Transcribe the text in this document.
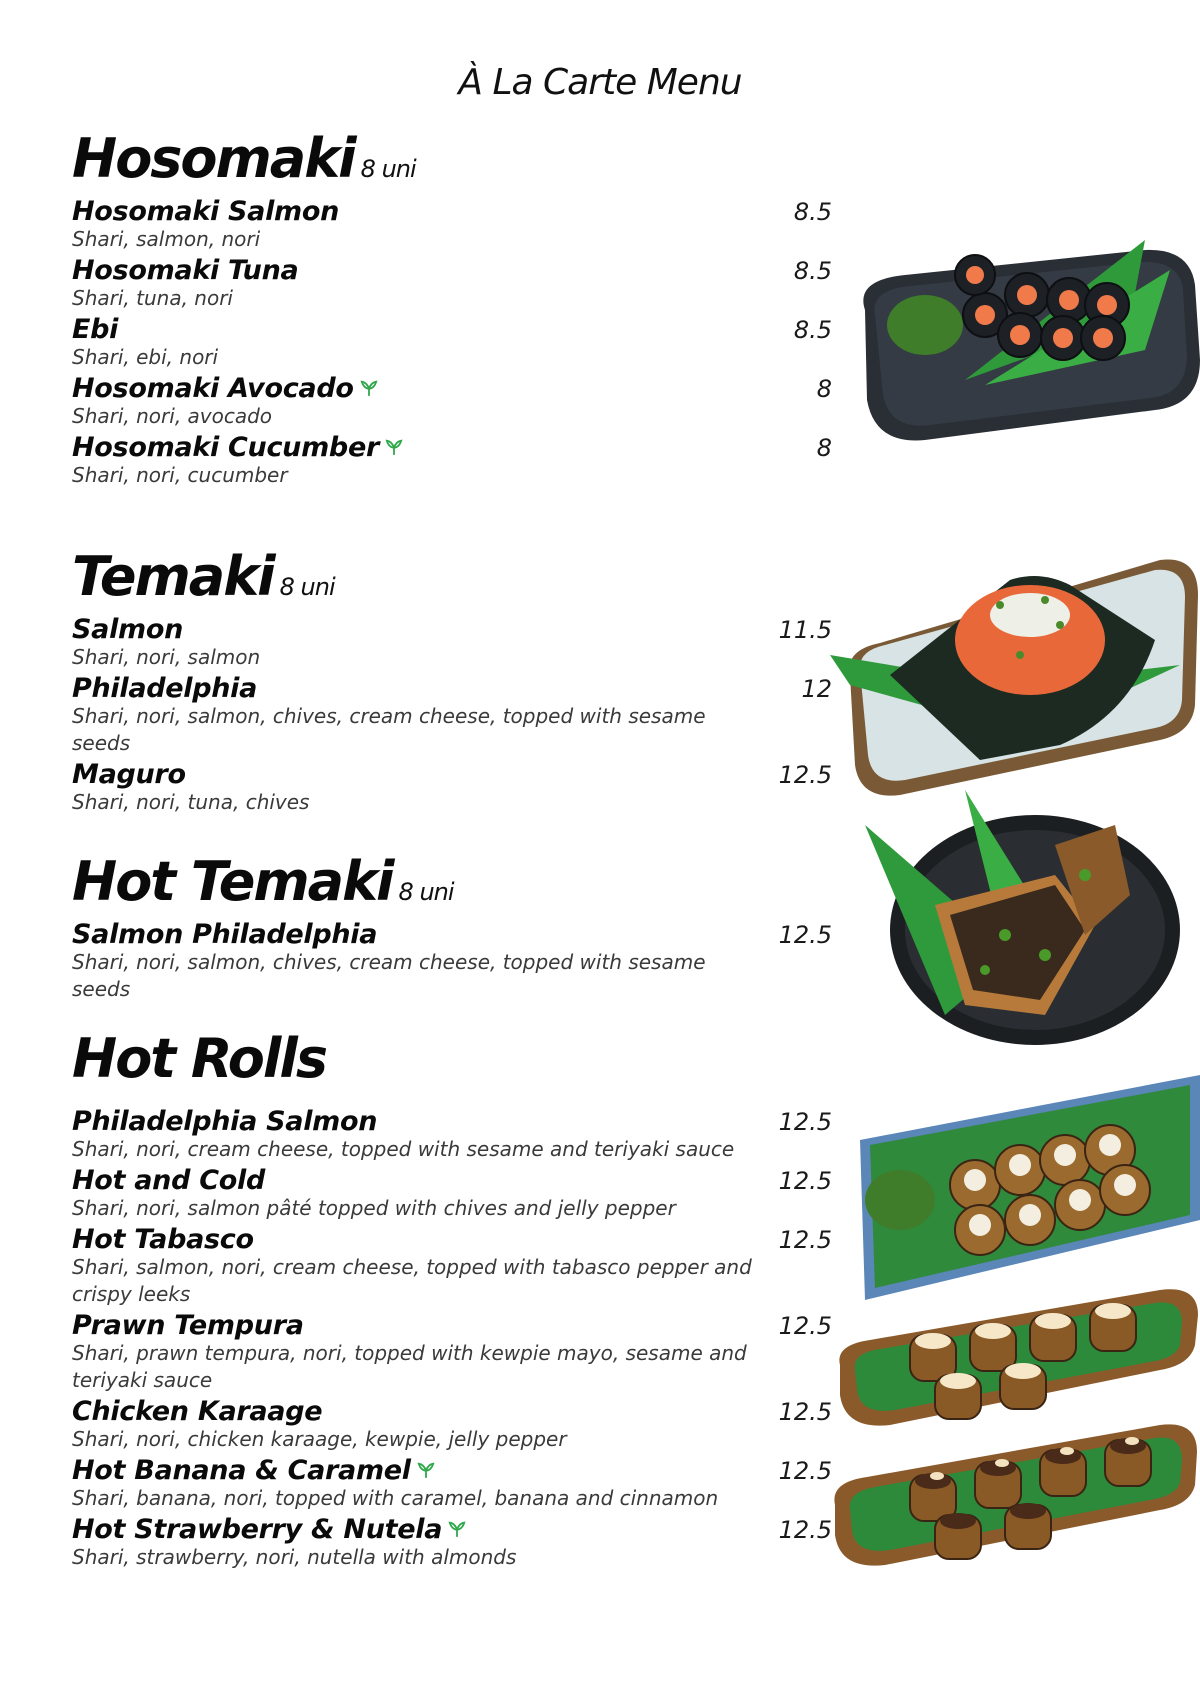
À La Carte Menu
Hosomaki 8 uni
Hosomaki Salmon	8.5
Shari, salmon, nori
Hosomaki Tuna	8.5
Shari, tuna, nori
Ebi	8.5
Shari, ebi, nori
Hosomaki Avocado	8
Shari, nori, avocado
Hosomaki Cucumber	8
Shari, nori, cucumber
Temaki 8 uni
Salmon	11.5
Shari, nori, salmon
Philadelphia	12
Shari, nori, salmon, chives, cream cheese, topped with sesame seeds
Maguro	12.5
Shari, nori, tuna, chives
Hot Temaki 8 uni
Salmon Philadelphia	12.5
Shari, nori, salmon, chives, cream cheese, topped with sesame seeds
Hot Rolls
Philadelphia Salmon	12.5
Shari, nori, cream cheese, topped with sesame and teriyaki sauce
Hot and Cold	12.5
Shari, nori, salmon pâté topped with chives and jelly pepper
Hot Tabasco	12.5
Shari, salmon, nori, cream cheese, topped with tabasco pepper and crispy leeks
Prawn Tempura	12.5
Shari, prawn tempura, nori, topped with kewpie mayo, sesame and teriyaki sauce
Chicken Karaage	12.5
Shari, nori, chicken karaage, kewpie, jelly pepper
Hot Banana & Caramel	12.5
Shari, banana, nori, topped with caramel, banana and cinnamon
Hot Strawberry & Nutela	12.5
Shari, strawberry, nori, nutella with almonds
